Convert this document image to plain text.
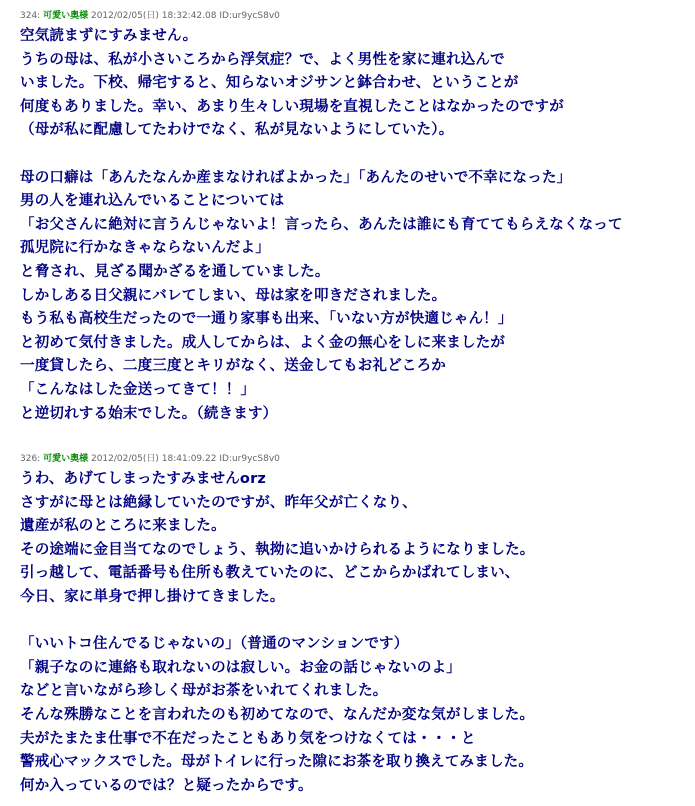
324: 可愛い奥様 2012/02/05(日) 18:32:42.08 ID:ur9ycS8v0
空気読まずにすみません。
うちの母は、私が小さいころから浮気症？で、よく男性を家に連れ込んで
いました。下校、帰宅すると、知らないオジサンと鉢合わせ、ということが
何度もありました。幸い、あまり生々しい現場を直視したことはなかったのですが
（母が私に配慮してたわけでなく、私が見ないようにしていた）。
母の口癖は「あんたなんか産まなければよかった」「あんたのせいで不幸になった」
男の人を連れ込んでいることについては
「お父さんに絶対に言うんじゃないよ！言ったら、あんたは誰にも育ててもらえなくなって
孤児院に行かなきゃならないんだよ」
と脅され、見ざる聞かざるを通していました。
しかしある日父親にバレてしまい、母は家を叩きだされました。
もう私も高校生だったので一通り家事も出来、「いない方が快適じゃん！」
と初めて気付きました。成人してからは、よく金の無心をしに来ましたが
一度貸したら、二度三度とキリがなく、送金してもお礼どころか
「こんなはした金送ってきて！！」
と逆切れする始末でした。（続きます）
326: 可愛い奥様 2012/02/05(日) 18:41:09.22 ID:ur9ycS8v0
うわ、あげてしまったすみませんorz
さすがに母とは絶縁していたのですが、昨年父が亡くなり、
遺産が私のところに来ました。
その途端に金目当てなのでしょう、執拗に追いかけられるようになりました。
引っ越して、電話番号も住所も教えていたのに、どこからかばれてしまい、
今日、家に単身で押し掛けてきました。
「いいトコ住んでるじゃないの」（普通のマンションです）
「親子なのに連絡も取れないのは寂しい。お金の話じゃないのよ」
などと言いながら珍しく母がお茶をいれてくれました。
そんな殊勝なことを言われたのも初めてなので、なんだか変な気がしました。
夫がたまたま仕事で不在だったこともあり気をつけなくては・・・と
警戒心マックスでした。母がトイレに行った隙にお茶を取り換えてみました。
何か入っているのでは？と疑ったからです。
